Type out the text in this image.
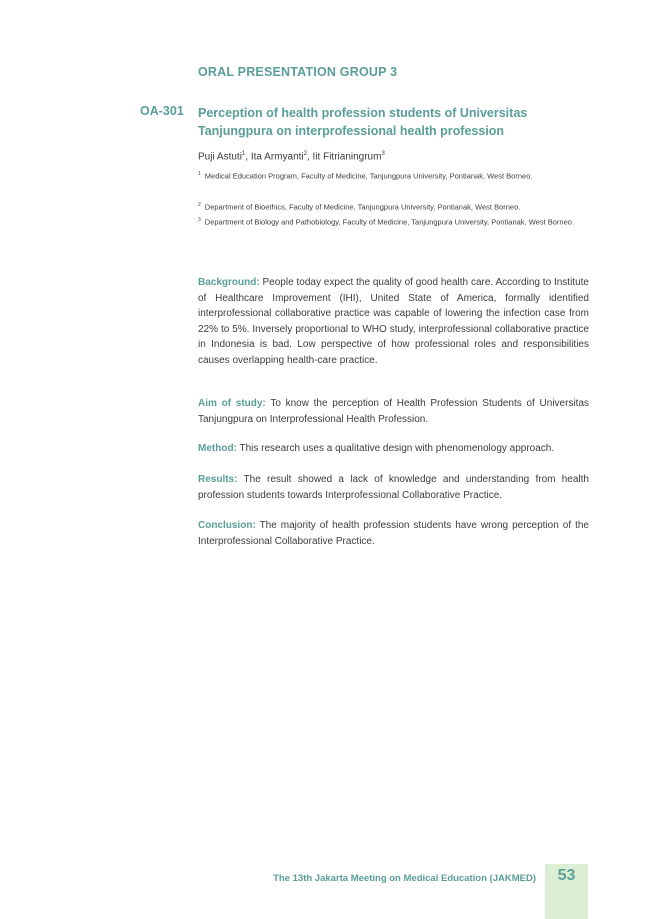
ORAL PRESENTATION GROUP 3
OA-301 Perception of health profession students of Universitas Tanjungpura on interprofessional health profession
Puji Astuti$^1$, Ita Armyanti$^2$, Iit Fitrianingrum$^3$
$^1$ Medical Education Program, Faculty of Medicine, Tanjungpura University, Pontianak, West Borneo.
$^2$ Department of Bioethics, Faculty of Medicine, Tanjungpura University, Pontianak, West Borneo.
$^3$ Department of Biology and Pathobiology, Faculty of Medicine, Tanjungpura University, Pontianak, West Borneo.
Background: People today expect the quality of good health care. According to Institute of Healthcare Improvement (IHI), United State of America, formally identified interprofessional collaborative practice was capable of lowering the infection case from 22% to 5%. Inversely proportional to WHO study, interprofessional collaborative practice in Indonesia is bad. Low perspective of how professional roles and responsibilities causes overlapping health-care practice.
Aim of study: To know the perception of Health Profession Students of Universitas Tanjungpura on Interprofessional Health Profession.
Method: This research uses a qualitative design with phenomenology approach.
Results: The result showed a lack of knowledge and understanding from health profession students towards Interprofessional Collaborative Practice.
Conclusion: The majority of health profession students have wrong perception of the Interprofessional Collaborative Practice.
The 13th Jakarta Meeting on Medical Education (JAKMED)	53
